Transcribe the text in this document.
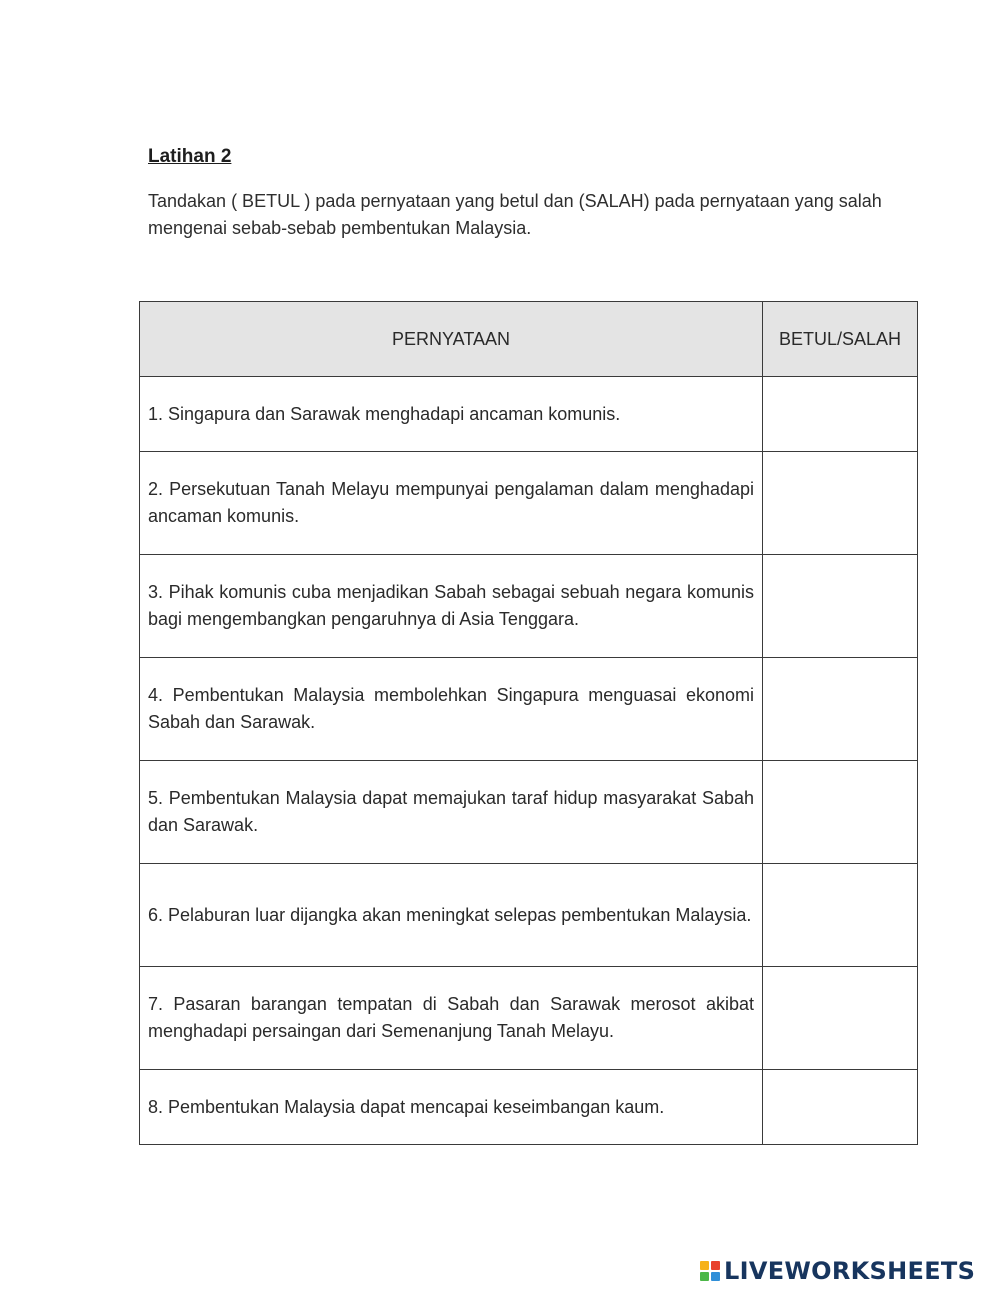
Latihan 2
Tandakan ( BETUL ) pada pernyataan yang betul dan (SALAH) pada pernyataan yang salah mengenai sebab-sebab pembentukan Malaysia.
PERNYATAAN	BETUL/SALAH
1. Singapura dan Sarawak menghadapi ancaman komunis.	
2. Persekutuan Tanah Melayu mempunyai pengalaman dalam menghadapi ancaman komunis.	
3. Pihak komunis cuba menjadikan Sabah sebagai sebuah negara komunis bagi mengembangkan pengaruhnya di Asia Tenggara.	
4. Pembentukan Malaysia membolehkan Singapura menguasai ekonomi Sabah dan Sarawak.	
5. Pembentukan Malaysia dapat memajukan taraf hidup masyarakat Sabah dan Sarawak.	
6. Pelaburan luar dijangka akan meningkat selepas pembentukan Malaysia.	
7. Pasaran barangan tempatan di Sabah dan Sarawak merosot akibat menghadapi persaingan dari Semenanjung Tanah Melayu.	
8. Pembentukan Malaysia dapat mencapai keseimbangan kaum.	
LIVEWORKSHEETS
